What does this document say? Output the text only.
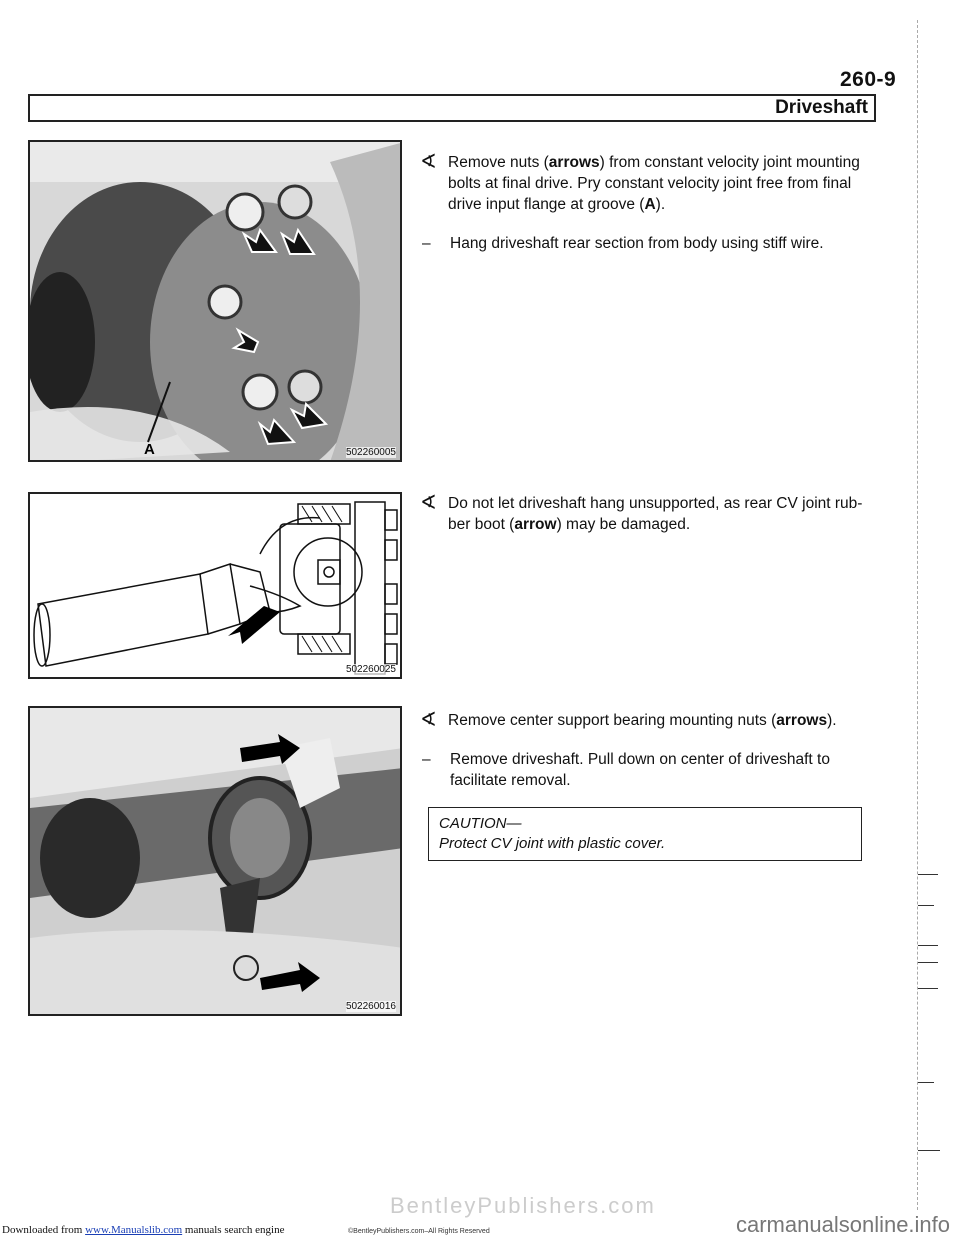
260-9
Driveshaft
A	502260005
∢ Remove nuts (arrows) from constant velocity joint mounting bolts at final drive. Pry constant velocity joint free from final drive input flange at groove (A).
–	Hang driveshaft rear section from body using stiff wire.
502260025
∢ Do not let driveshaft hang unsupported, as rear CV joint rub-ber boot (arrow) may be damaged.
502260016
∢ Remove center support bearing mounting nuts (arrows).
–	Remove driveshaft. Pull down on center of driveshaft to facilitate removal.
CAUTION—
Protect CV joint with plastic cover.
BentleyPublishers.com
Downloaded from www.Manualslib.com manuals search engine	©BentleyPublishers.com–All Rights Reserved	carmanualsonline.info
